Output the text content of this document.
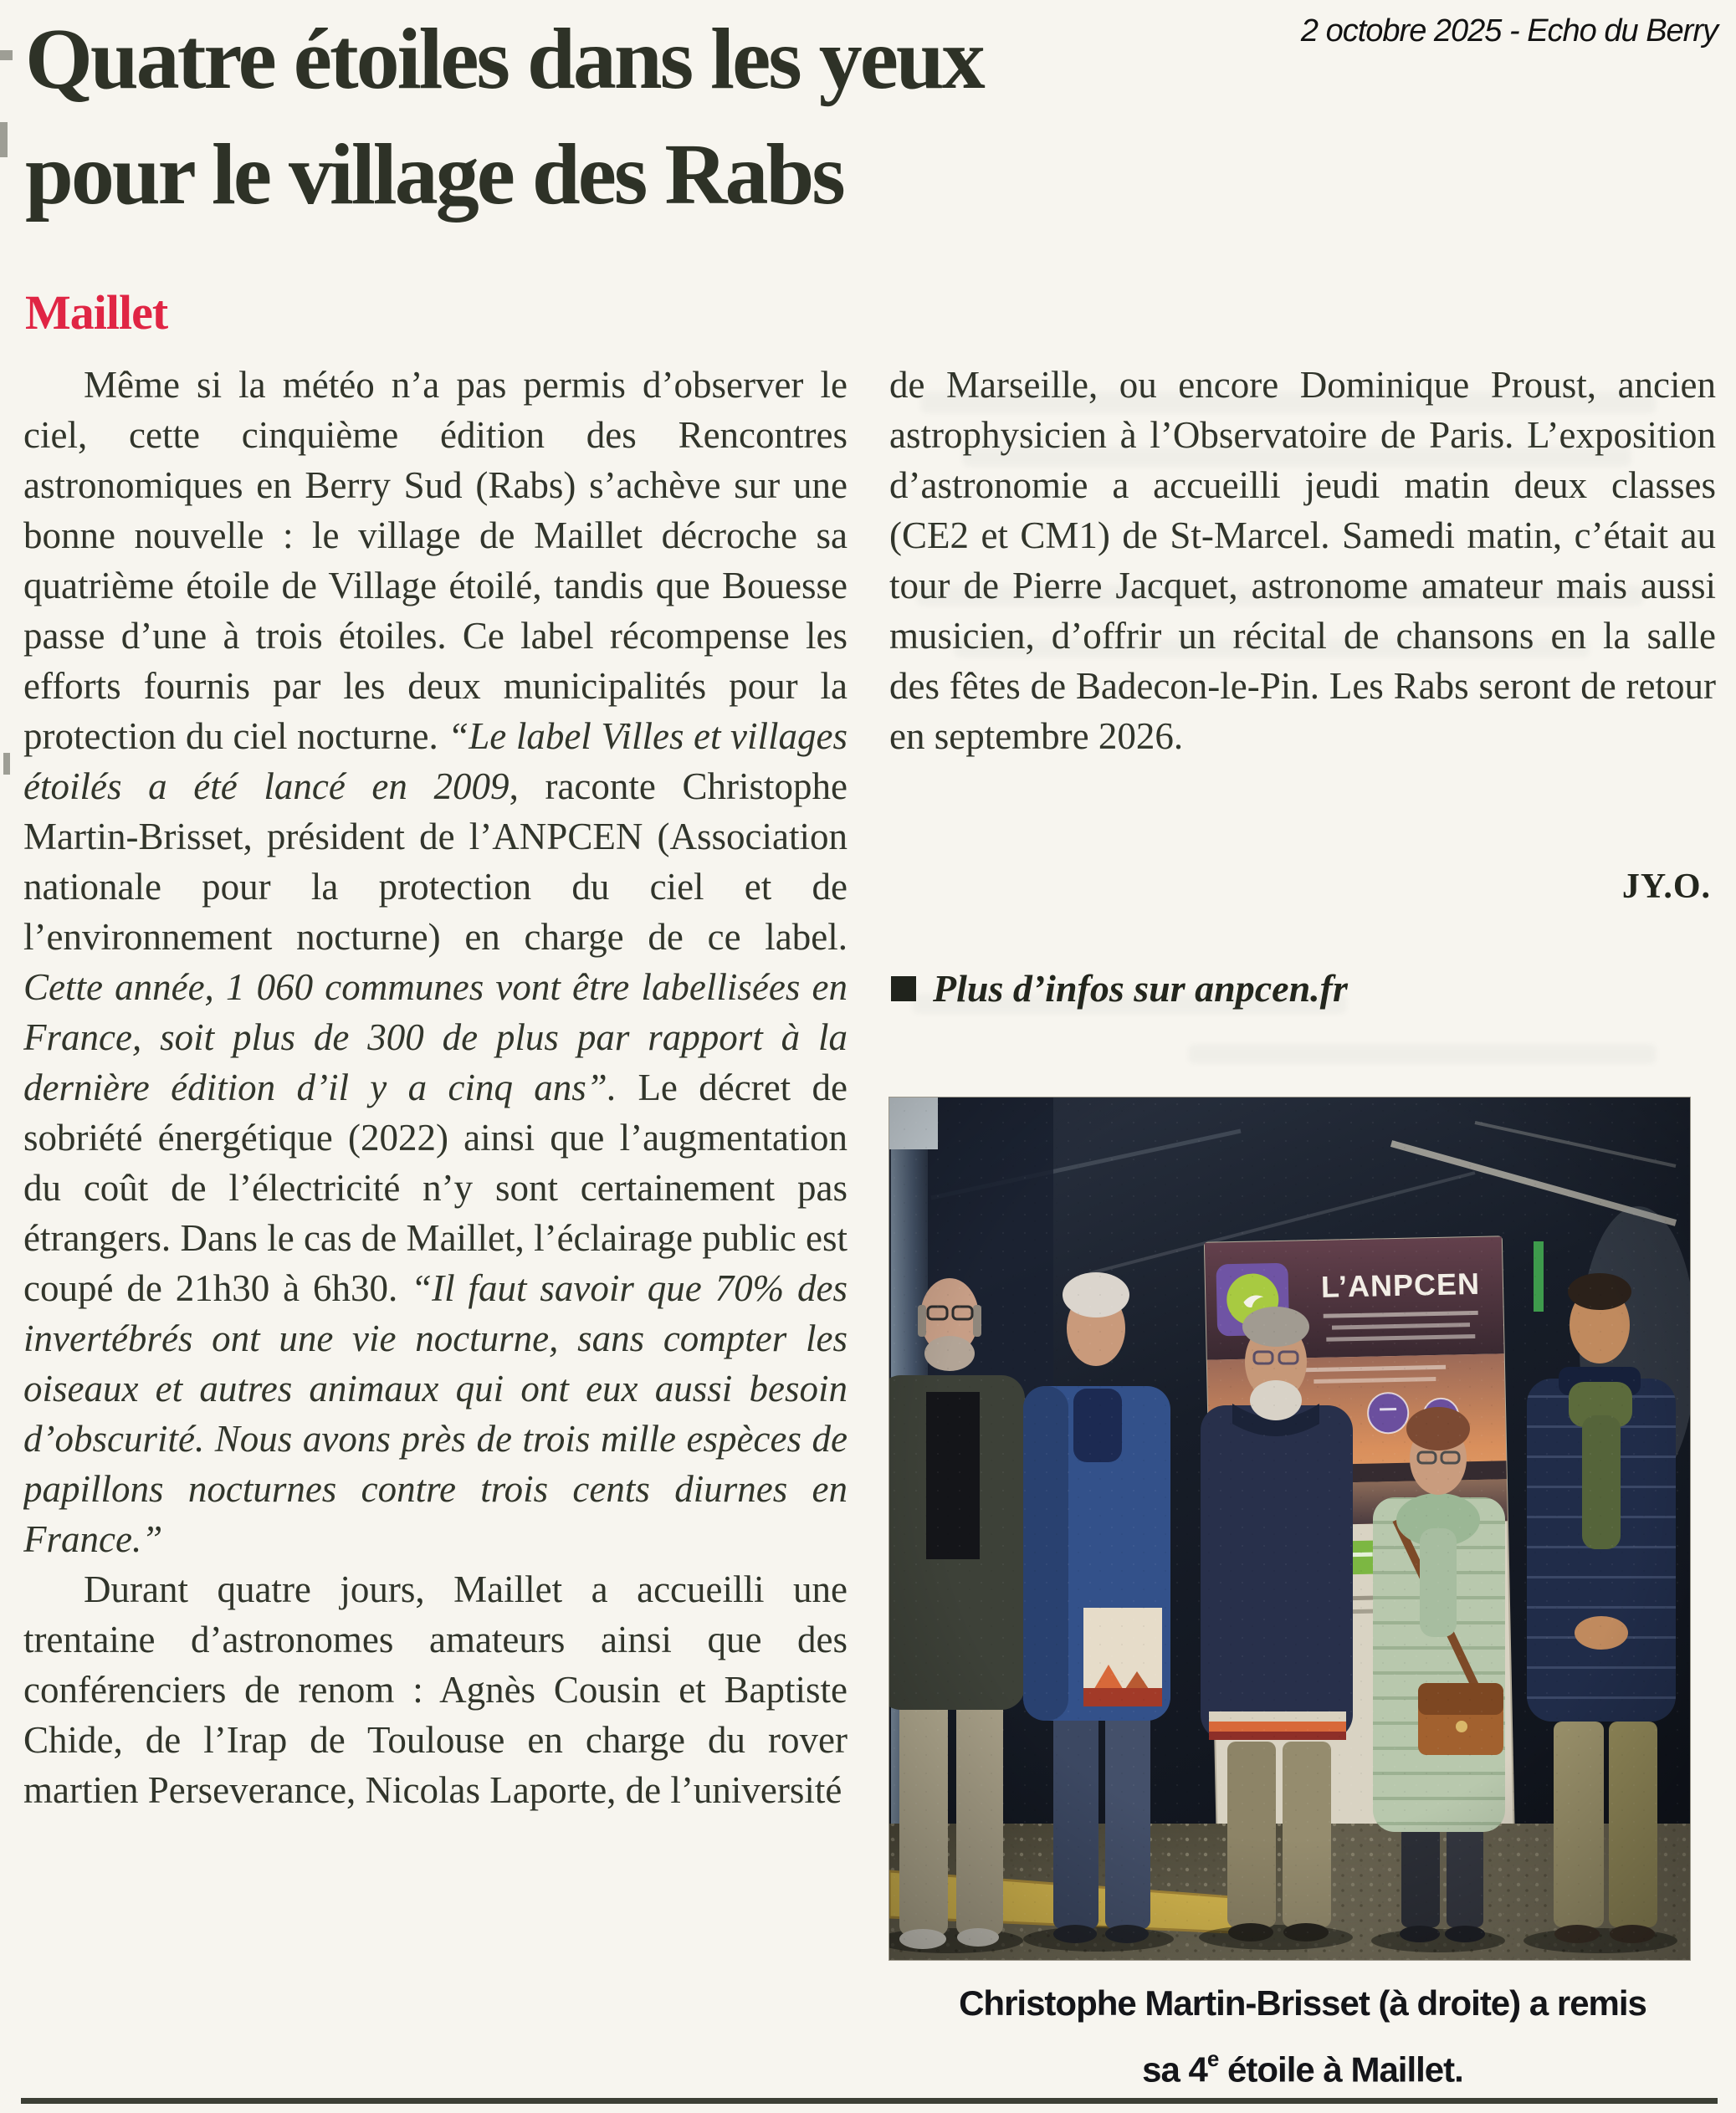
Quatre étoiles dans les yeux
pour le village des Rabs
2 octobre 2025 - Echo du Berry
Maillet

Même si la météo n’a pas permis d’observer le ciel, cette cinquième édition des Rencontres astronomiques en Berry Sud (Rabs) s’achève sur une bonne nouvelle : le village de Maillet décroche sa quatrième étoile de Village étoilé, tandis que Bouesse passe d’une à trois étoiles. Ce label récompense les efforts fournis par les deux municipalités pour la protection du ciel nocturne. “Le label Villes et villages étoilés a été lancé en 2009, raconte Christophe Martin-Brisset, président de l’ANPCEN (Association nationale pour la protection du ciel et de l’environnement nocturne) en charge de ce label. Cette année, 1 060 communes vont être labellisées en France, soit plus de 300 de plus par rapport à la dernière édition d’il y a cinq ans”. Le décret de sobriété énergétique (2022) ainsi que l’augmentation du coût de l’électricité n’y sont certainement pas étrangers. Dans le cas de Maillet, l’éclairage public est coupé de 21h30 à 6h30. “Il faut savoir que 70% des invertébrés ont une vie nocturne, sans compter les oiseaux et autres animaux qui ont eux aussi besoin d’obscurité. Nous avons près de trois mille espèces de papillons nocturnes contre trois cents diurnes en France.”

Durant quatre jours, Maillet a accueilli une trentaine d’astronomes amateurs ainsi que des conférenciers de renom : Agnès Cousin et Baptiste Chide, de l’Irap de Toulouse en charge du rover martien Perseverance, Nicolas Laporte, de l’université

de Marseille, ou encore Dominique Proust, ancien astrophysicien à l’Observatoire de Paris. L’exposition d’astronomie a accueilli jeudi matin deux classes (CE2 et CM1) de St-Marcel. Samedi matin, c’était au tour de Pierre Jacquet, astronome amateur mais aussi musicien, d’offrir un récital de chansons en la salle des fêtes de Badecon-le-Pin. Les Rabs seront de retour en septembre 2026.

JY.O.
Plus d’infos sur anpcen.fr
Christophe Martin-Brisset (à droite) a remis
sa 4e étoile à Maillet.
